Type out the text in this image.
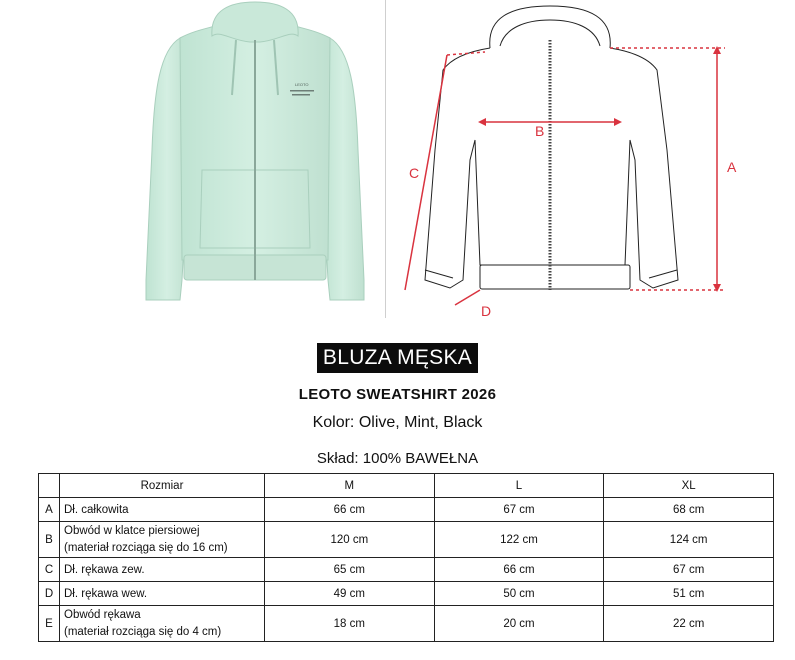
LEOTO
A
B
C
D
BLUZA MĘSKA
LEOTO SWEATSHIRT 2026
Kolor: Olive, Mint, Black
Skład: 100% BAWEŁNA
	Rozmiar	M	L	XL
A	Dł. całkowita	66 cm	67 cm	68 cm
B	Obwód w klatce piersiowej
(materiał rozciąga się do 16 cm)	120 cm	122 cm	124 cm
C	Dł. rękawa zew.	65 cm	66 cm	67 cm
D	Dł. rękawa wew.	49 cm	50 cm	51 cm
E	Obwód rękawa
(materiał rozciąga się do 4 cm)	18 cm	20 cm	22 cm
